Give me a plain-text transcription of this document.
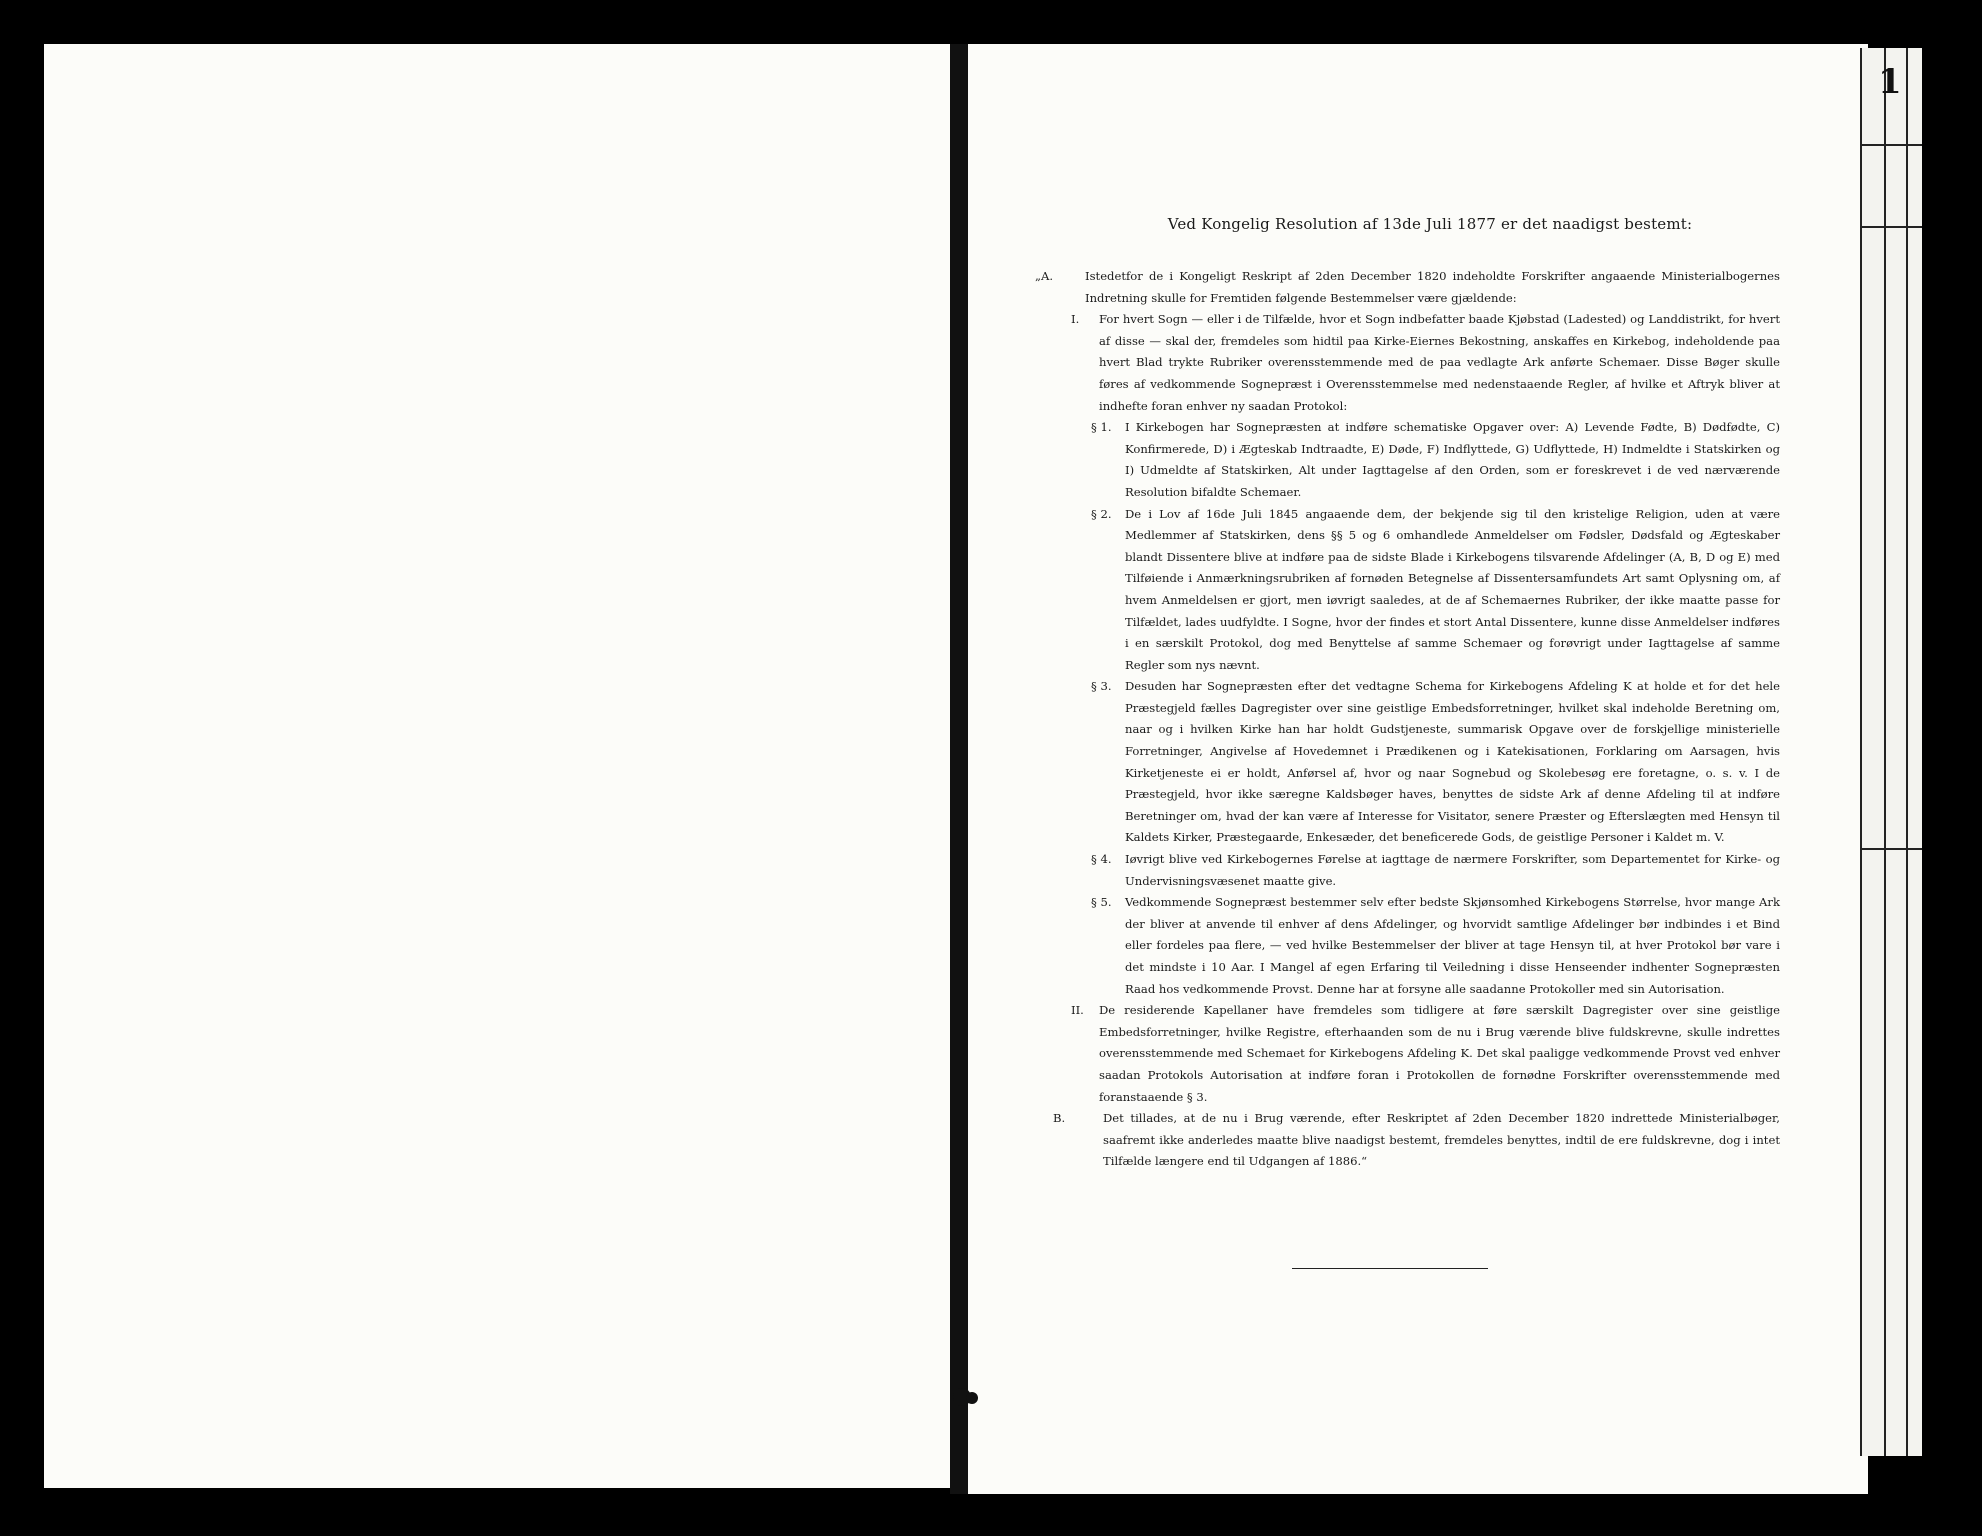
1
Ved Kongelig Resolution af 13de Juli 1877 er det naadigst bestemt:
„A.	Istedetfor de i Kongeligt Reskript af 2den December 1820 indeholdte Forskrifter angaaende Ministerialbogernes Indretning skulle for Fremtiden følgende Bestemmelser være gjældende:
I.	For hvert Sogn — eller i de Tilfælde, hvor et Sogn indbefatter baade Kjøbstad (Ladested) og Landdistrikt, for hvert af disse — skal der, fremdeles som hidtil paa Kirke-Eiernes Bekostning, anskaffes en Kirkebog, indeholdende paa hvert Blad trykte Rubriker overensstemmende med de paa vedlagte Ark anførte Schemaer. Disse Bøger skulle føres af vedkommende Sognepræst i Overensstemmelse med nedenstaaende Regler, af hvilke et Aftryk bliver at indhefte foran enhver ny saadan Protokol:
§ 1.	I Kirkebogen har Sognepræsten at indføre schematiske Opgaver over: A) Levende Fødte, B) Dødfødte, C) Konfirmerede, D) i Ægteskab Indtraadte, E) Døde, F) Indflyttede, G) Udflyttede, H) Indmeldte i Statskirken og I) Udmeldte af Statskirken, Alt under Iagttagelse af den Orden, som er foreskrevet i de ved nærværende Resolution bifaldte Schemaer.
§ 2.	De i Lov af 16de Juli 1845 angaaende dem, der bekjende sig til den kristelige Religion, uden at være Medlemmer af Statskirken, dens §§ 5 og 6 omhandlede Anmeldelser om Fødsler, Dødsfald og Ægteskaber blandt Dissentere blive at indføre paa de sidste Blade i Kirkebogens tilsvarende Afdelinger (A, B, D og E) med Tilføiende i Anmærkningsrubriken af fornøden Betegnelse af Dissentersamfundets Art samt Oplysning om, af hvem Anmeldelsen er gjort, men iøvrigt saaledes, at de af Schemaernes Rubriker, der ikke maatte passe for Tilfældet, lades uudfyldte. I Sogne, hvor der findes et stort Antal Dissentere, kunne disse Anmeldelser indføres i en særskilt Protokol, dog med Benyttelse af samme Schemaer og forøvrigt under Iagttagelse af samme Regler som nys nævnt.
§ 3.	Desuden har Sognepræsten efter det vedtagne Schema for Kirkebogens Afdeling K at holde et for det hele Præstegjeld fælles Dagregister over sine geistlige Embedsforretninger, hvilket skal indeholde Beretning om, naar og i hvilken Kirke han har holdt Gudstjeneste, summarisk Opgave over de forskjellige ministerielle Forretninger, Angivelse af Hovedemnet i Prædikenen og i Katekisationen, Forklaring om Aarsagen, hvis Kirketjeneste ei er holdt, Anførsel af, hvor og naar Sognebud og Skolebesøg ere foretagne, o. s. v. I de Præstegjeld, hvor ikke særegne Kaldsbøger haves, benyttes de sidste Ark af denne Afdeling til at indføre Beretninger om, hvad der kan være af Interesse for Visitator, senere Præster og Efterslægten med Hensyn til Kaldets Kirker, Præstegaarde, Enkesæder, det beneficerede Gods, de geistlige Personer i Kaldet m. V.
§ 4.	Iøvrigt blive ved Kirkebogernes Førelse at iagttage de nærmere Forskrifter, som Departementet for Kirke- og Undervisningsvæsenet maatte give.
§ 5.	Vedkommende Sognepræst bestemmer selv efter bedste Skjønsomhed Kirkebogens Størrelse, hvor mange Ark der bliver at anvende til enhver af dens Afdelinger, og hvorvidt samtlige Afdelinger bør indbindes i et Bind eller fordeles paa flere, — ved hvilke Bestemmelser der bliver at tage Hensyn til, at hver Protokol bør vare i det mindste i 10 Aar. I Mangel af egen Erfaring til Veiledning i disse Henseender indhenter Sognepræsten Raad hos vedkommende Provst. Denne har at forsyne alle saadanne Protokoller med sin Autorisation.
II.	De residerende Kapellaner have fremdeles som tidligere at føre særskilt Dagregister over sine geistlige Embedsforretninger, hvilke Registre, efterhaanden som de nu i Brug værende blive fuldskrevne, skulle indrettes overensstemmende med Schemaet for Kirkebogens Afdeling K. Det skal paaligge vedkommende Provst ved enhver saadan Protokols Autorisation at indføre foran i Protokollen de fornødne Forskrifter overensstemmende med foranstaaende § 3.
B.	Det tillades, at de nu i Brug værende, efter Reskriptet af 2den December 1820 indrettede Ministerialbøger, saafremt ikke anderledes maatte blive naadigst bestemt, fremdeles benyttes, indtil de ere fuldskrevne, dog i intet Tilfælde længere end til Udgangen af 1886.“
